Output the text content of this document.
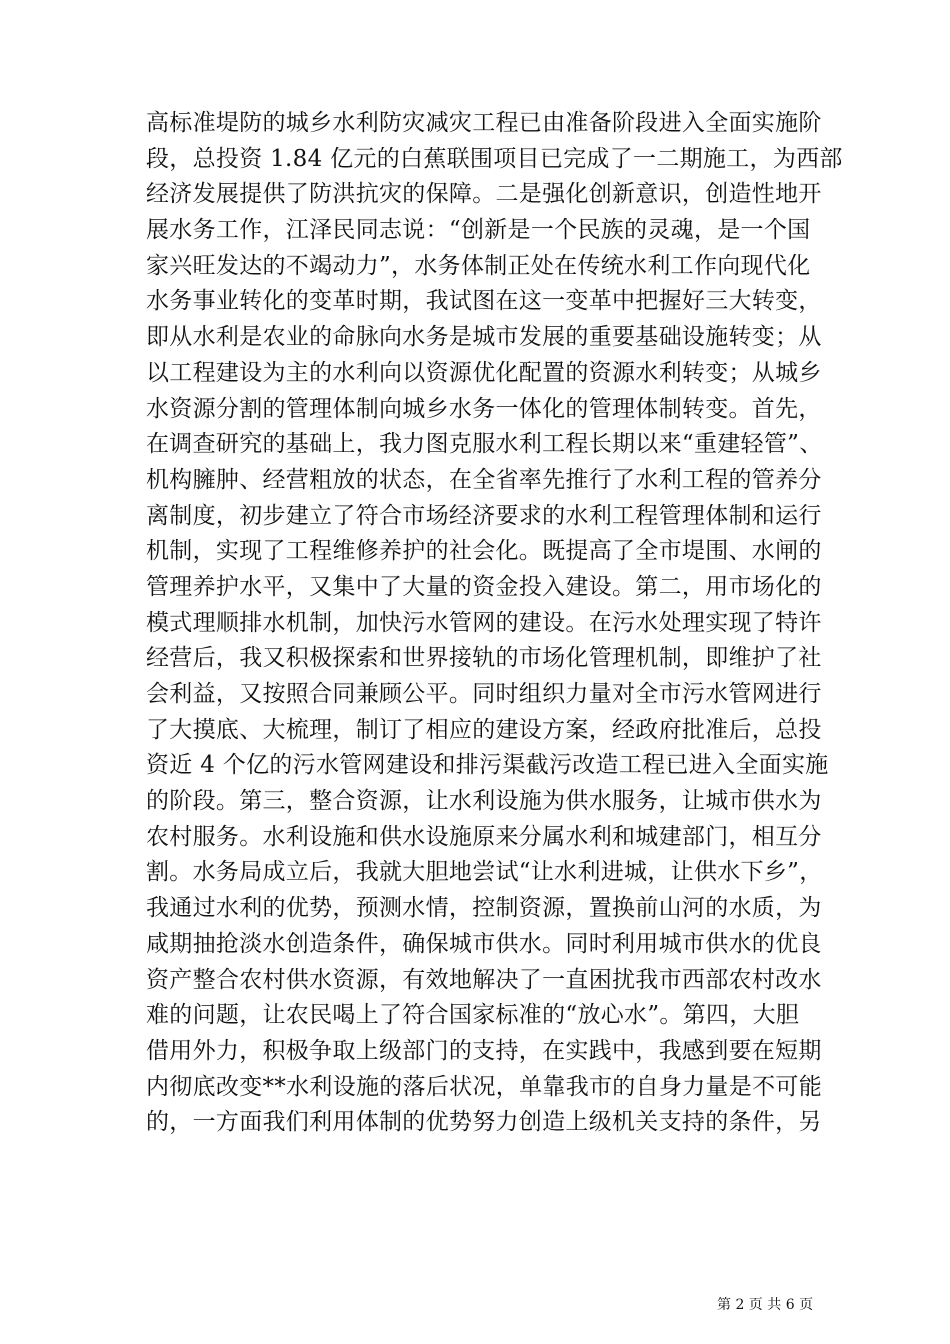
高标准堤防的城乡水利防灾减灾工程已由准备阶段进入全面实施阶
段，总投资 1.84 亿元的白蕉联围项目已完成了一二期施工，为西部
经济发展提供了防洪抗灾的保障。二是强化创新意识，创造性地开
展水务工作，江泽民同志说：“创新是一个民族的灵魂，是一个国
家兴旺发达的不竭动力”，水务体制正处在传统水利工作向现代化
水务事业转化的变革时期，我试图在这一变革中把握好三大转变，
即从水利是农业的命脉向水务是城市发展的重要基础设施转变；从
以工程建设为主的水利向以资源优化配置的资源水利转变；从城乡
水资源分割的管理体制向城乡水务一体化的管理体制转变。首先，
在调查研究的基础上，我力图克服水利工程长期以来“重建轻管”、
机构臃肿、经营粗放的状态，在全省率先推行了水利工程的管养分
离制度，初步建立了符合市场经济要求的水利工程管理体制和运行
机制，实现了工程维修养护的社会化。既提高了全市堤围、水闸的
管理养护水平，又集中了大量的资金投入建设。第二，用市场化的
模式理顺排水机制，加快污水管网的建设。在污水处理实现了特许
经营后，我又积极探索和世界接轨的市场化管理机制，即维护了社
会利益，又按照合同兼顾公平。同时组织力量对全市污水管网进行
了大摸底、大梳理，制订了相应的建设方案，经政府批准后，总投
资近 4 个亿的污水管网建设和排污渠截污改造工程已进入全面实施
的阶段。第三，整合资源，让水利设施为供水服务，让城市供水为
农村服务。水利设施和供水设施原来分属水利和城建部门，相互分
割。水务局成立后，我就大胆地尝试“让水利进城，让供水下乡”，
我通过水利的优势，预测水情，控制资源，置换前山河的水质，为
咸期抽抢淡水创造条件，确保城市供水。同时利用城市供水的优良
资产整合农村供水资源，有效地解决了一直困扰我市西部农村改水
难的问题，让农民喝上了符合国家标准的“放心水”。第四，大胆
借用外力，积极争取上级部门的支持，在实践中，我感到要在短期
内彻底改变**水利设施的落后状况，单靠我市的自身力量是不可能
的，一方面我们利用体制的优势努力创造上级机关支持的条件，另
第 2 页 共 6 页
